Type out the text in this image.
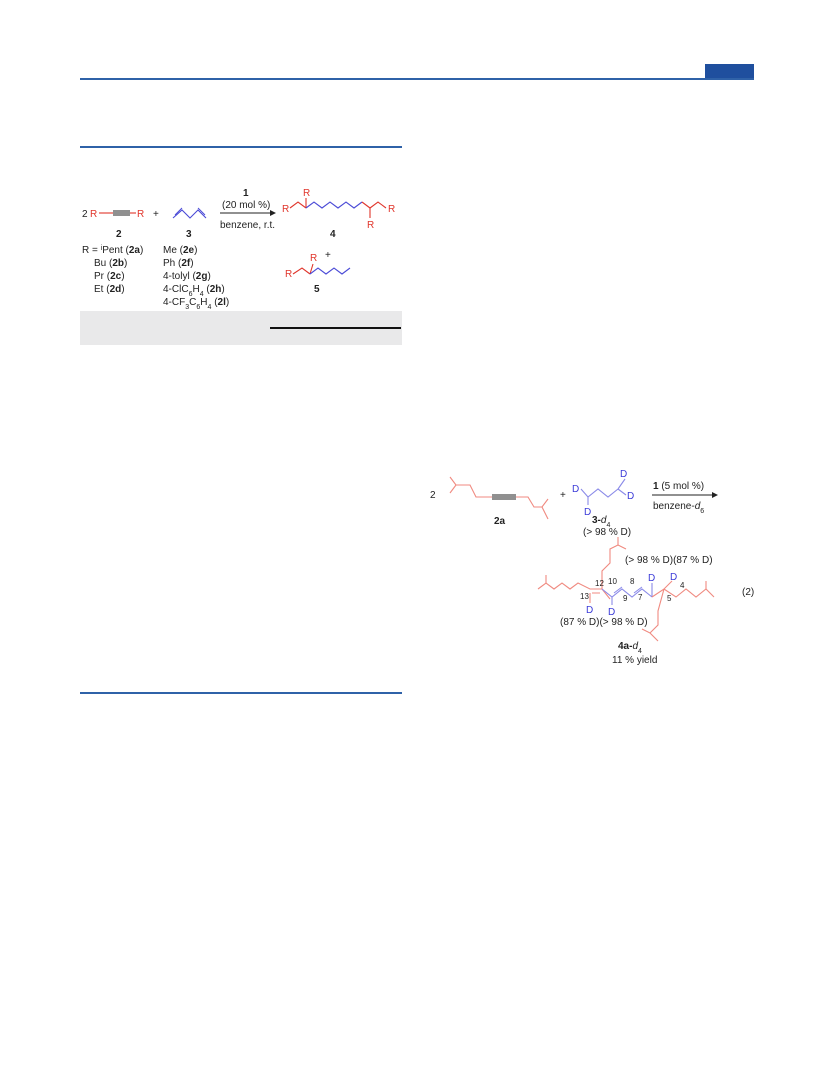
2 R	R
2
+
3
1
(20 mol %)
benzene, r.t.
R
R
R
R
4
+
R
R
5
R = $^i$Pent (2a)
Bu (2b)
Pr (2c)
Et (2d)
Me (2e)
Ph (2f)
4-tolyl (2g)
$4-ClC_6H_4$ (2h)
$4-CF_3C_6H_4$ (2l)
2
2a
+
D
D
D
D
$3-d_4$
(> 98 % D)
1 (5 mol %)
benzene-$d_6$
(> 98 % D)(87 % D)
D
D
D D
12 10 8
7	5
4
13	9
(2)
(87 % D)(> 98 % D)
$4a-d_4$
11 % yield
